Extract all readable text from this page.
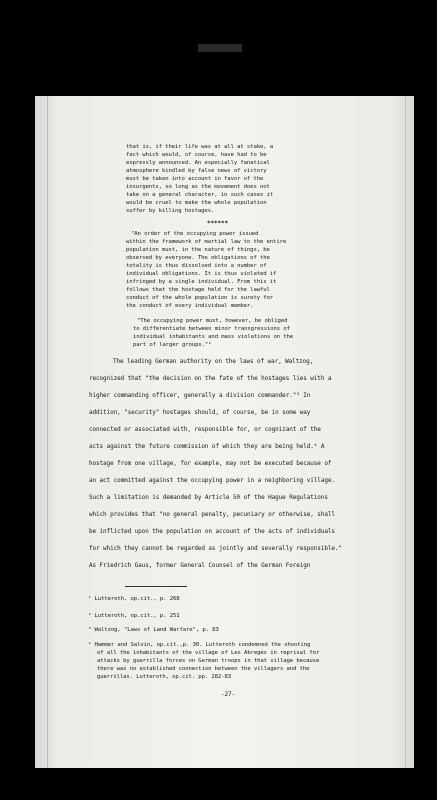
that is, if their life was at all at stake, a
fact which would, of course, have had to be
expressly announced. An especially fanatical
atmosphere kindled by false news of victory
must be taken into account in favor of the
insurgents, so long as the movement does not
take on a general character, in such cases it
would be cruel to make the whole population
suffer by killing hostages.
******
"An order of the occupying power issued
within the framework of martial law to the entire
population must, in the nature of things, be
observed by everyone. The obligations of the
totality is thus dissolved into a number of
individual obligations. It is thus violated if
infringed by a single individual. From this it
follows that the hostage held for the lawful
conduct of the whole population is surety for
the conduct of every individual member.
"The occupying power must, however, be obliged
to differentiate between minor transgressions of
individual inhabitants and mass violations on the
part of larger groups."²
The leading German authority on the laws of war, Waltzog,
recognized that "the decision on the fate of the hostages lies with a
higher commanding officer, generally a division commander."³ In
addition, "security" hostages should, of course, be in some way
connected or associated with, responsible for, or cognizant of the
acts against the future commission of which they are being held.⁴ A
hostage from one village, for example, may not be executed because of
an act committed against the occupying power in a neighboring village.
Such a limitation is demanded by Article 50 of the Hague Regulations
which provides that "no general penalty, pecuniary or otherwise, shall
be inflicted upon the population on account of the acts of individuals
for which they cannot be regarded as jointly and severally responsible."
As Friedrich Gaus, former General Counsel of the German Foreign
¹ Lutteroth, op.cit., p. 268
² Lutteroth, op.cit., p. 251
³ Waltzog, "Laws of Land Warfare", p. 83
⁴ Hammer and Salvin, op.cit.,p. 30. Lutteroth condemned the shooting
of all the inhabitants of the village of Les Abreges in reprisal for
attacks by guerrilla forces on German troops in that village because
there was no established connection between the villagers and the
guerrillas. Lutteroth, op.cit. pp. 282-83
-27-
